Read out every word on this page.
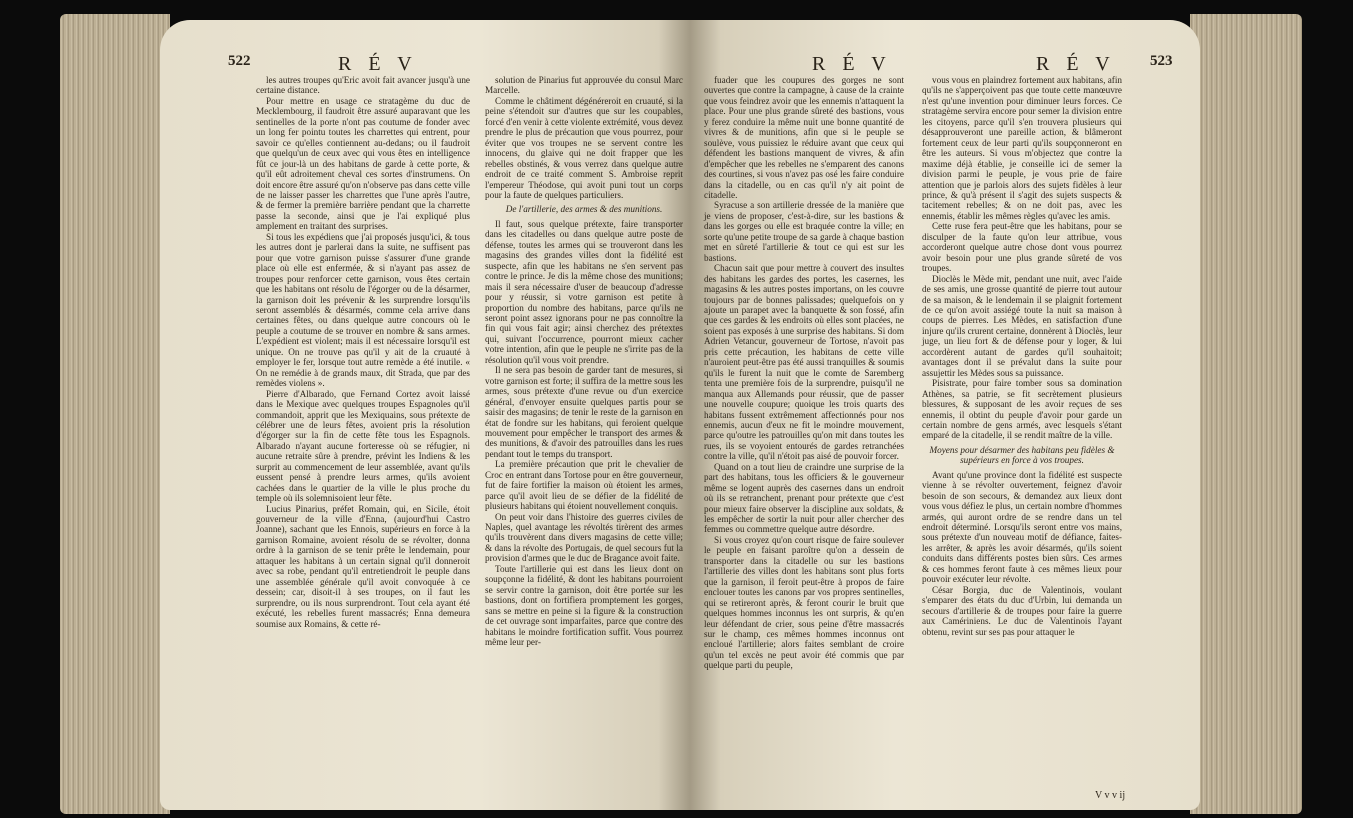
522	R É V

les autres troupes qu'Eric avoit fait avancer jusqu'à une certaine distance.

Pour mettre en usage ce stratagème du duc de Mecklembourg, il faudroit être assuré auparavant que les sentinelles de la porte n'ont pas coutume de fonder avec un long fer pointu toutes les charrettes qui entrent, pour savoir ce qu'elles contiennent au-dedans; ou il faudroit que quelqu'un de ceux avec qui vous êtes en intelligence fût ce jour-là un des habitans de garde à cette porte, & qu'il eût adroitement cheval ces sortes d'instrumens. On doit encore être assuré qu'on n'observe pas dans cette ville de ne laisser passer les charrettes que l'une après l'autre, & de fermer la première barrière pendant que la charrette passe la seconde, ainsi que je l'ai expliqué plus amplement en traitant des surprises.

Si tous les expédiens que j'ai proposés jusqu'ici, & tous les autres dont je parlerai dans la suite, ne suffisent pas pour que votre garnison puisse s'assurer d'une grande place où elle est enfermée, & si n'ayant pas assez de troupes pour renforcer cette garnison, vous êtes certain que les habitans ont résolu de l'égorger ou de la désarmer, la garnison doit les prévenir & les surprendre lorsqu'ils seront assemblés & désarmés, comme cela arrive dans certaines fêtes, ou dans quelque autre concours où le peuple a coutume de se trouver en nombre & sans armes. L'expédient est violent; mais il est nécessaire lorsqu'il est unique. On ne trouve pas qu'il y ait de la cruauté à employer le fer, lorsque tout autre remède a été inutile. « On ne remédie à de grands maux, dit Strada, que par des remèdes violens ».

Pierre d'Albarado, que Fernand Cortez avoit laissé dans le Mexique avec quelques troupes Espagnoles qu'il commandoit, apprit que les Mexiquains, sous prétexte de célébrer une de leurs fêtes, avoient pris la résolution d'égorger sur la fin de cette fête tous les Espagnols. Albarado n'ayant aucune forteresse où se réfugier, ni aucune retraite sûre à prendre, prévint les Indiens & les surprit au commencement de leur assemblée, avant qu'ils eussent pensé à prendre leurs armes, qu'ils avoient cachées dans le quartier de la ville le plus proche du temple où ils solemnisoient leur fête.

Lucius Pinarius, préfet Romain, qui, en Sicile, étoit gouverneur de la ville d'Enna, (aujourd'hui Castro Joanne), sachant que les Ennois, supérieurs en force à la garnison Romaine, avoient résolu de se révolter, donna ordre à la garnison de se tenir prête le lendemain, pour attaquer les habitans à un certain signal qu'il donneroit avec sa robe, pendant qu'il entretiendroit le peuple dans une assemblée générale qu'il avoit convoquée à ce dessein; car, disoit-il à ses troupes, on il faut les surprendre, ou ils nous surprendront. Tout cela ayant été exécuté, les rebelles furent massacrés; Enna demeura soumise aux Romains, & cette ré-

solution de Pinarius fut approuvée du consul Marc Marcelle.

Comme le châtiment dégénéreroit en cruauté, si la peine s'étendoit sur d'autres que sur les coupables, forcé d'en venir à cette violente extrémité, vous devez prendre le plus de précaution que vous pourrez, pour éviter que vos troupes ne se servent contre les innocens, du glaive qui ne doit frapper que les rebelles obstinés, & vous verrez dans quelque autre endroit de ce traité comment S. Ambroise reprit l'empereur Théodose, qui avoit puni tout un corps pour la faute de quelques particuliers.

De l'artillerie, des armes & des munitions.

Il faut, sous quelque prétexte, faire transporter dans les citadelles ou dans quelque autre poste de défense, toutes les armes qui se trouveront dans les magasins des grandes villes dont la fidélité est suspecte, afin que les habitans ne s'en servent pas contre le prince. Je dis la même chose des munitions; mais il sera nécessaire d'user de beaucoup d'adresse pour y réussir, si votre garnison est petite à proportion du nombre des habitans, parce qu'ils ne seront point assez ignorans pour ne pas connoître la fin qui vous fait agir; ainsi cherchez des prétextes qui, suivant l'occurrence, pourront mieux cacher votre intention, afin que le peuple ne s'irrite pas de la résolution qu'il vous voit prendre.

Il ne sera pas besoin de garder tant de mesures, si votre garnison est forte; il suffira de la mettre sous les armes, sous prétexte d'une revue ou d'un exercice général, d'envoyer ensuite quelques partis pour se saisir des magasins; de tenir le reste de la garnison en état de fondre sur les habitans, qui feroient quelque mouvement pour empêcher le transport des armes & des munitions, & d'avoir des patrouilles dans les rues pendant tout le temps du transport.

La première précaution que prit le chevalier de Croc en entrant dans Tortose pour en être gouverneur, fut de faire fortifier la maison où étoient les armes, parce qu'il avoit lieu de se défier de la fidélité de plusieurs habitans qui étoient nouvellement conquis.

On peut voir dans l'histoire des guerres civiles de Naples, quel avantage les révoltés tirèrent des armes qu'ils trouvèrent dans divers magasins de cette ville; & dans la révolte des Portugais, de quel secours fut la provision d'armes que le duc de Bragance avoit faite.

Toute l'artillerie qui est dans les lieux dont on soupçonne la fidélité, & dont les habitans pourroient se servir contre la garnison, doit être portée sur les bastions, dont on fortifiera promptement les gorges, sans se mettre en peine si la figure & la construction de cet ouvrage sont imparfaites, parce que contre des habitans le moindre fortification suffit. Vous pourrez même leur per-

R É V	R É V 523

fuader que les coupures des gorges ne sont ouvertes que contre la campagne, à cause de la crainte que vous feindrez avoir que les ennemis n'attaquent la place. Pour une plus grande sûreté des bastions, vous y ferez conduire la même nuit une bonne quantité de vivres & de munitions, afin que si le peuple se soulève, vous puissiez le réduire avant que ceux qui défendent les bastions manquent de vivres, & afin d'empêcher que les rebelles ne s'emparent des canons des courtines, si vous n'avez pas osé les faire conduire dans la citadelle, ou en cas qu'il n'y ait point de citadelle.

Syracuse a son artillerie dressée de la manière que je viens de proposer, c'est-à-dire, sur les bastions & dans les gorges ou elle est braquée contre la ville; en sorte qu'une petite troupe de sa garde à chaque bastion met en sûreté l'artillerie & tout ce qui est sur les bastions.

Chacun sait que pour mettre à couvert des insultes des habitans les gardes des portes, les casernes, les magasins & les autres postes importans, on les couvre toujours par de bonnes palissades; quelquefois on y ajoute un parapet avec la banquette & son fossé, afin que ces gardes & les endroits où elles sont placées, ne soient pas exposés à une surprise des habitans. Si dom Adrien Vetancur, gouverneur de Tortose, n'avoit pas pris cette précaution, les habitans de cette ville n'auroient peut-être pas été aussi tranquilles & soumis qu'ils le furent la nuit que le comte de Saremberg tenta une première fois de la surprendre, puisqu'il ne manqua aux Allemands pour réussir, que de passer une nouvelle coupure; quoique les trois quarts des habitans fussent extrêmement affectionnés pour nos ennemis, aucun d'eux ne fit le moindre mouvement, parce qu'outre les patrouilles qu'on mit dans toutes les rues, ils se voyoient entourés de gardes retranchées contre la ville, qu'il n'étoit pas aisé de pouvoir forcer.

Quand on a tout lieu de craindre une surprise de la part des habitans, tous les officiers & le gouverneur même se logent auprès des casernes dans un endroit où ils se retranchent, prenant pour prétexte que c'est pour mieux faire observer la discipline aux soldats, & les empêcher de sortir la nuit pour aller chercher des femmes ou commettre quelque autre désordre.

Si vous croyez qu'on court risque de faire soulever le peuple en faisant paroître qu'on a dessein de transporter dans la citadelle ou sur les bastions l'artillerie des villes dont les habitans sont plus forts que la garnison, il feroit peut-être à propos de faire enclouer toutes les canons par vos propres sentinelles, qui se retireront après, & feront courir le bruit que quelques hommes inconnus les ont surpris, & qu'en leur défendant de crier, sous peine d'être massacrés sur le champ, ces mêmes hommes inconnus ont encloué l'artillerie; alors faites semblant de croire qu'un tel excès ne peut avoir été commis que par quelque parti du peuple,

vous vous en plaindrez fortement aux habitans, afin qu'ils ne s'apperçoivent pas que toute cette manœuvre n'est qu'une invention pour diminuer leurs forces. Ce stratagème servira encore pour semer la division entre les citoyens, parce qu'il s'en trouvera plusieurs qui désapprouveront une pareille action, & blâmeront fortement ceux de leur parti qu'ils soupçonneront en être les auteurs. Si vous m'objectez que contre la maxime déjà établie, je conseille ici de semer la division parmi le peuple, je vous prie de faire attention que je parlois alors des sujets fidèles à leur prince, & qu'à présent il s'agit des sujets suspects & tacitement rebelles; & on ne doit pas, avec les ennemis, établir les mêmes règles qu'avec les amis.

Cette ruse fera peut-être que les habitans, pour se disculper de la faute qu'on leur attribue, vous accorderont quelque autre chose dont vous pourrez avoir besoin pour une plus grande sûreté de vos troupes.

Dioclès le Mède mit, pendant une nuit, avec l'aide de ses amis, une grosse quantité de pierre tout autour de sa maison, & le lendemain il se plaignit fortement de ce qu'on avoit assiégé toute la nuit sa maison à coups de pierres. Les Mèdes, en satisfaction d'une injure qu'ils crurent certaine, donnèrent à Dioclès, leur juge, un lieu fort & de défense pour y loger, & lui accordèrent autant de gardes qu'il souhaitoit; avantages dont il se prévalut dans la suite pour assujettir les Mèdes sous sa puissance.

Pisistrate, pour faire tomber sous sa domination Athènes, sa patrie, se fit secrètement plusieurs blessures, & supposant de les avoir reçues de ses ennemis, il obtint du peuple d'avoir pour garde un certain nombre de gens armés, avec lesquels s'étant emparé de la citadelle, il se rendit maître de la ville.

Moyens pour désarmer des habitans peu fidèles & supérieurs en force à vos troupes.

Avant qu'une province dont la fidélité est suspecte vienne à se révolter ouvertement, feignez d'avoir besoin de son secours, & demandez aux lieux dont vous vous défiez le plus, un certain nombre d'hommes armés, qui auront ordre de se rendre dans un tel endroit déterminé. Lorsqu'ils seront entre vos mains, sous prétexte d'un nouveau motif de défiance, faites-les arrêter, & après les avoir désarmés, qu'ils soient conduits dans différents postes bien sûrs. Ces armes & ces hommes feront faute à ces mêmes lieux pour pouvoir exécuter leur révolte.

César Borgia, duc de Valentinois, voulant s'emparer des états du duc d'Urbin, lui demanda un secours d'artillerie & de troupes pour faire la guerre aux Camériniens. Le duc de Valentinois l'ayant obtenu, revint sur ses pas pour attaquer le

V v v ij
